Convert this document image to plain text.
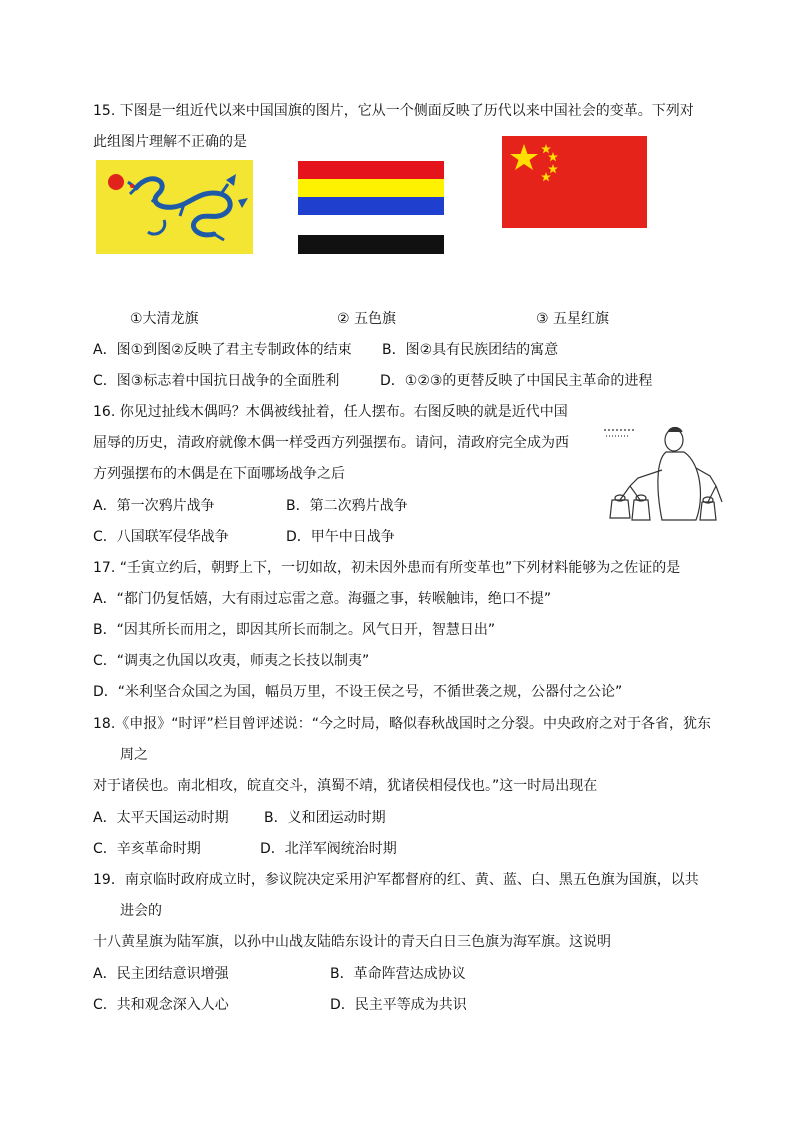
15. 下图是一组近代以来中国国旗的图片，它从一个侧面反映了历代以来中国社会的变革。下列对
此组图片理解不正确的是
①大清龙旗	② 五色旗	③ 五星红旗
A．图①到图②反映了君主专制政体的结束 B．图②具有民族团结的寓意
C．图③标志着中国抗日战争的全面胜利	D．①②③的更替反映了中国民主革命的进程
16. 你见过扯线木偶吗？木偶被线扯着，任人摆布。右图反映的就是近代中国
屈辱的历史，清政府就像木偶一样受西方列强摆布。请问，清政府完全成为西
方列强摆布的木偶是在下面哪场战争之后
A．第一次鸦片战争	B．第二次鸦片战争
C．八国联军侵华战争	D．甲午中日战争
17. “壬寅立约后，朝野上下，一切如故，初未因外患而有所变革也”下列材料能够为之佐证的是
A．“都门仍复恬嬉，大有雨过忘雷之意。海疆之事，转喉触讳，绝口不提”
B．“因其所长而用之，即因其所长而制之。风气日开，智慧日出”
C．“调夷之仇国以攻夷，师夷之长技以制夷”
D．“米利坚合众国之为国，幅员万里，不设王侯之号，不循世袭之规，公器付之公论”
18.《申报》“时评”栏目曾评述说：“今之时局，略似春秋战国时之分裂。中央政府之对于各省，犹东
周之
对于诸侯也。南北相攻，皖直交斗，滇蜀不靖，犹诸侯相侵伐也。”这一时局出现在
A．太平天国运动时期	B．义和团运动时期
C．辛亥革命时期	D．北洋军阀统治时期
19．南京临时政府成立时，参议院决定采用沪军都督府的红、黄、蓝、白、黑五色旗为国旗，以共
进会的
十八黄星旗为陆军旗，以孙中山战友陆皓东设计的青天白日三色旗为海军旗。这说明
A．民主团结意识增强	B．革命阵营达成协议
C．共和观念深入人心	D．民主平等成为共识
